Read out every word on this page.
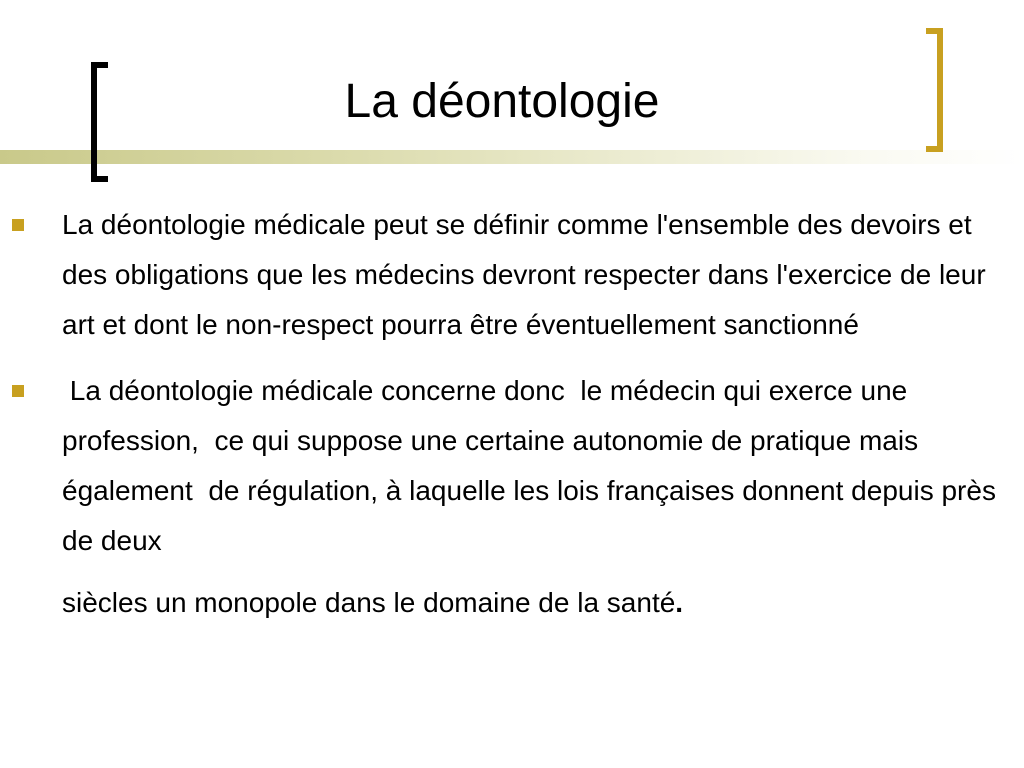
La déontologie
La déontologie médicale peut se définir comme l'ensemble des devoirs et des obligations que les médecins devront respecter dans l'exercice de leur art et dont le non-respect pourra être éventuellement sanctionné
La déontologie médicale concerne donc  le médecin qui exerce une profession,  ce qui suppose une certaine autonomie de pratique mais également  de régulation, à laquelle les lois françaises donnent depuis près de deux
siècles un monopole dans le domaine de la santé.
